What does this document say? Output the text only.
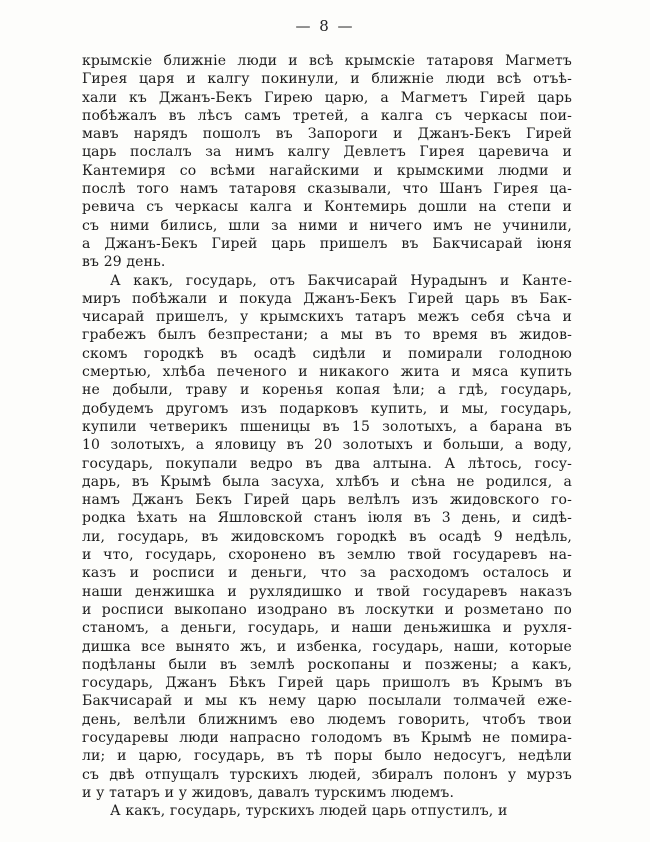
— 8 —
крымскіе ближніе люди и всѣ крымскіе татаровя Магметъ
Гирея царя и калгу покинули, и ближніе люди всѣ отъѣ-
хали къ Джанъ-Бекъ Гирею царю, а Магметъ Гирей царь
побѣжалъ въ лѣсъ самъ третей, а калга съ черкасы пои-
мавъ нарядъ пошолъ въ Запороги и Джанъ-Бекъ Гирей
царь послалъ за нимъ калгу Девлетъ Гирея царевича и
Кантемиря со всѣми нагайскими и крымскими людми и
послѣ того намъ татаровя сказывали, что Шанъ Гирея ца-
ревича съ черкасы калга и Контемирь дошли на степи и
съ ними бились, шли за ними и ничего имъ не учинили,
а Джанъ-Бекъ Гирей царь пришелъ въ Бакчисарай іюня
въ 29 день.
А какъ, государь, отъ Бакчисарай Нурадынъ и Канте-
миръ побѣжали и покуда Джанъ-Бекъ Гирей царь въ Бак-
чисарай пришелъ, у крымскихъ татаръ межъ себя сѣча и
грабежъ былъ безпрестани; а мы въ то время въ жидов-
скомъ городкѣ въ осадѣ сидѣли и помирали голодною
смертью, хлѣба печеного и никакого жита и мяса купить
не добыли, траву и коренья копая ѣли; а гдѣ, государь,
добудемъ другомъ изъ подарковъ купить, и мы, государь,
купили четверикъ пшеницы въ 15 золотыхъ, а барана въ
10 золотыхъ, а яловицу въ 20 золотыхъ и больши, а воду,
государь, покупали ведро въ два алтына. А лѣтось, госу-
дарь, въ Крымѣ была засуха, хлѣбъ и сѣна не родился, а
намъ Джанъ Бекъ Гирей царь велѣлъ изъ жидовского го-
родка ѣхать на Яшловской станъ іюля въ 3 день, и сидѣ-
ли, государь, въ жидовскомъ городкѣ въ осадѣ 9 недѣль,
и что, государь, схоронено въ землю твой государевъ на-
казъ и росписи и деньги, что за расходомъ осталось и
наши денжишка и рухлядишко и твой государевъ наказъ
и росписи выкопано изодрано въ лоскутки и розметано по
станомъ, а деньги, государь, и наши деньжишка и рухля-
дишка все вынято жъ, и избенка, государь, наши, которые
подѣланы были въ землѣ роскопаны и позжены; а какъ,
государь, Джанъ Бѣкъ Гирей царь пришолъ въ Крымъ въ
Бакчисарай и мы къ нему царю посылали толмачей еже-
день, велѣли ближнимъ ево людемъ говорить, чтобъ твои
государевы люди напрасно голодомъ въ Крымѣ не помира-
ли; и царю, государь, въ тѣ поры было недосугъ, недѣли
съ двѣ отпущалъ турскихъ людей, збиралъ полонъ у мурзъ
и у татаръ и у жидовъ, давалъ турскимъ людемъ.
А какъ, государь, турскихъ людей царь отпустилъ, и
